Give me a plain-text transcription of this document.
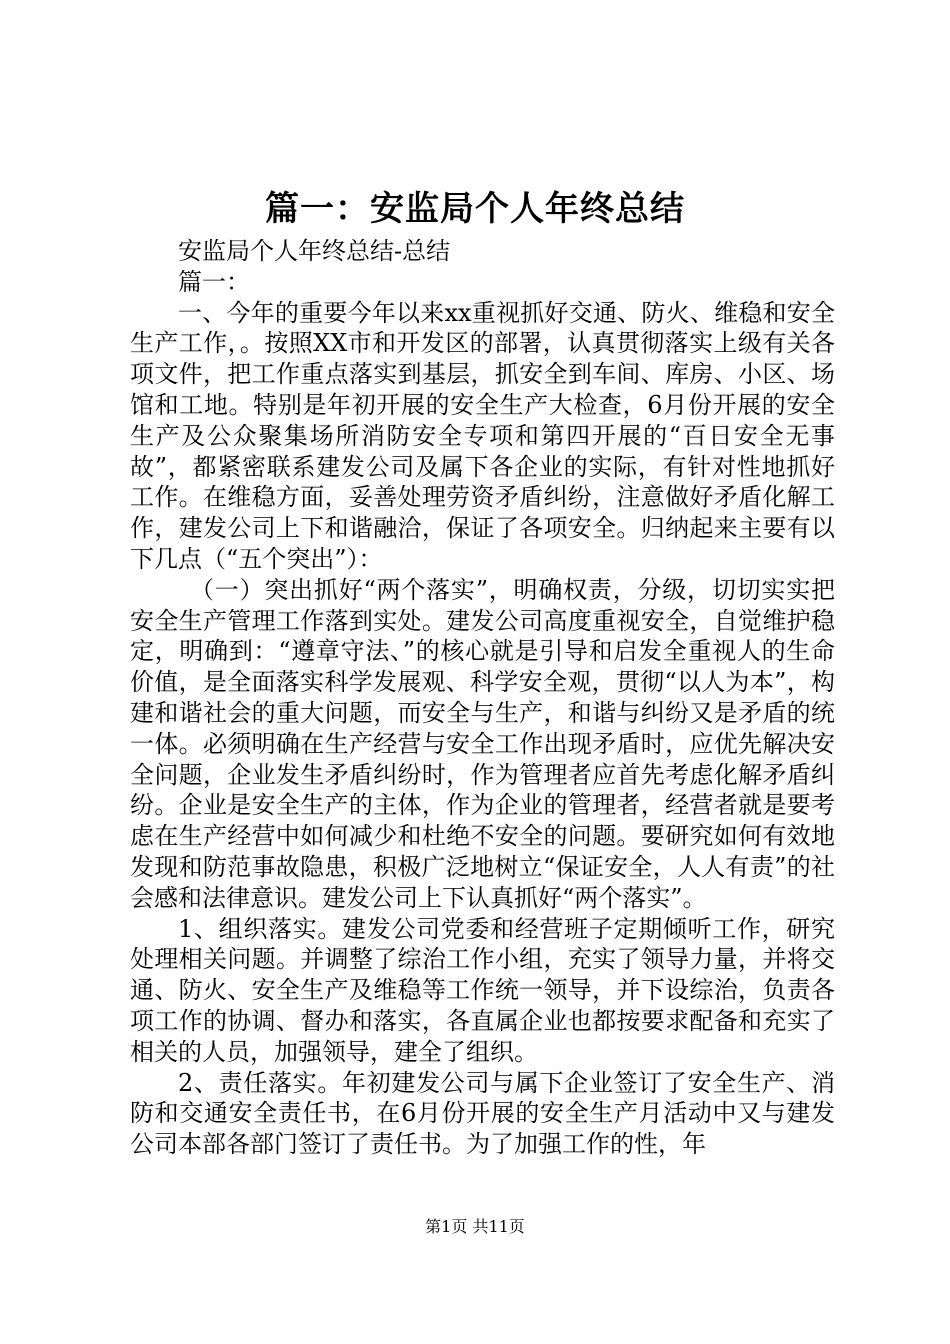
篇一：安监局个人年终总结

安监局个人年终总结-总结

篇一：

一、今年的重要今年以来xx重视抓好交通、防火、维稳和安全生产工作，。按照XX市和开发区的部署，认真贯彻落实上级有关各项文件，把工作重点落实到基层，抓安全到车间、库房、小区、场馆和工地。特别是年初开展的安全生产大检查，6月份开展的安全生产及公众聚集场所消防安全专项和第四开展的“百日安全无事故”，都紧密联系建发公司及属下各企业的实际，有针对性地抓好工作。在维稳方面，妥善处理劳资矛盾纠纷，注意做好矛盾化解工作，建发公司上下和谐融洽，保证了各项安全。归纳起来主要有以下几点（“五个突出”）：

（一）突出抓好“两个落实”，明确权责，分级，切切实实把安全生产管理工作落到实处。建发公司高度重视安全，自觉维护稳定，明确到：“遵章守法、”的核心就是引导和启发全重视人的生命价值，是全面落实科学发展观、科学安全观，贯彻“以人为本”，构建和谐社会的重大问题，而安全与生产，和谐与纠纷又是矛盾的统一体。必须明确在生产经营与安全工作出现矛盾时，应优先解决安全问题，企业发生矛盾纠纷时，作为管理者应首先考虑化解矛盾纠纷。企业是安全生产的主体，作为企业的管理者，经营者就是要考虑在生产经营中如何减少和杜绝不安全的问题。要研究如何有效地发现和防范事故隐患，积极广泛地树立“保证安全，人人有责”的社会感和法律意识。建发公司上下认真抓好“两个落实”。

1、组织落实。建发公司党委和经营班子定期倾听工作，研究处理相关问题。并调整了综治工作小组，充实了领导力量，并将交通、防火、安全生产及维稳等工作统一领导，并下设综治，负责各项工作的协调、督办和落实，各直属企业也都按要求配备和充实了相关的人员，加强领导，建全了组织。

2、责任落实。年初建发公司与属下企业签订了安全生产、消防和交通安全责任书，在6月份开展的安全生产月活动中又与建发公司本部各部门签订了责任书。为了加强工作的性，年

第1页 共11页
